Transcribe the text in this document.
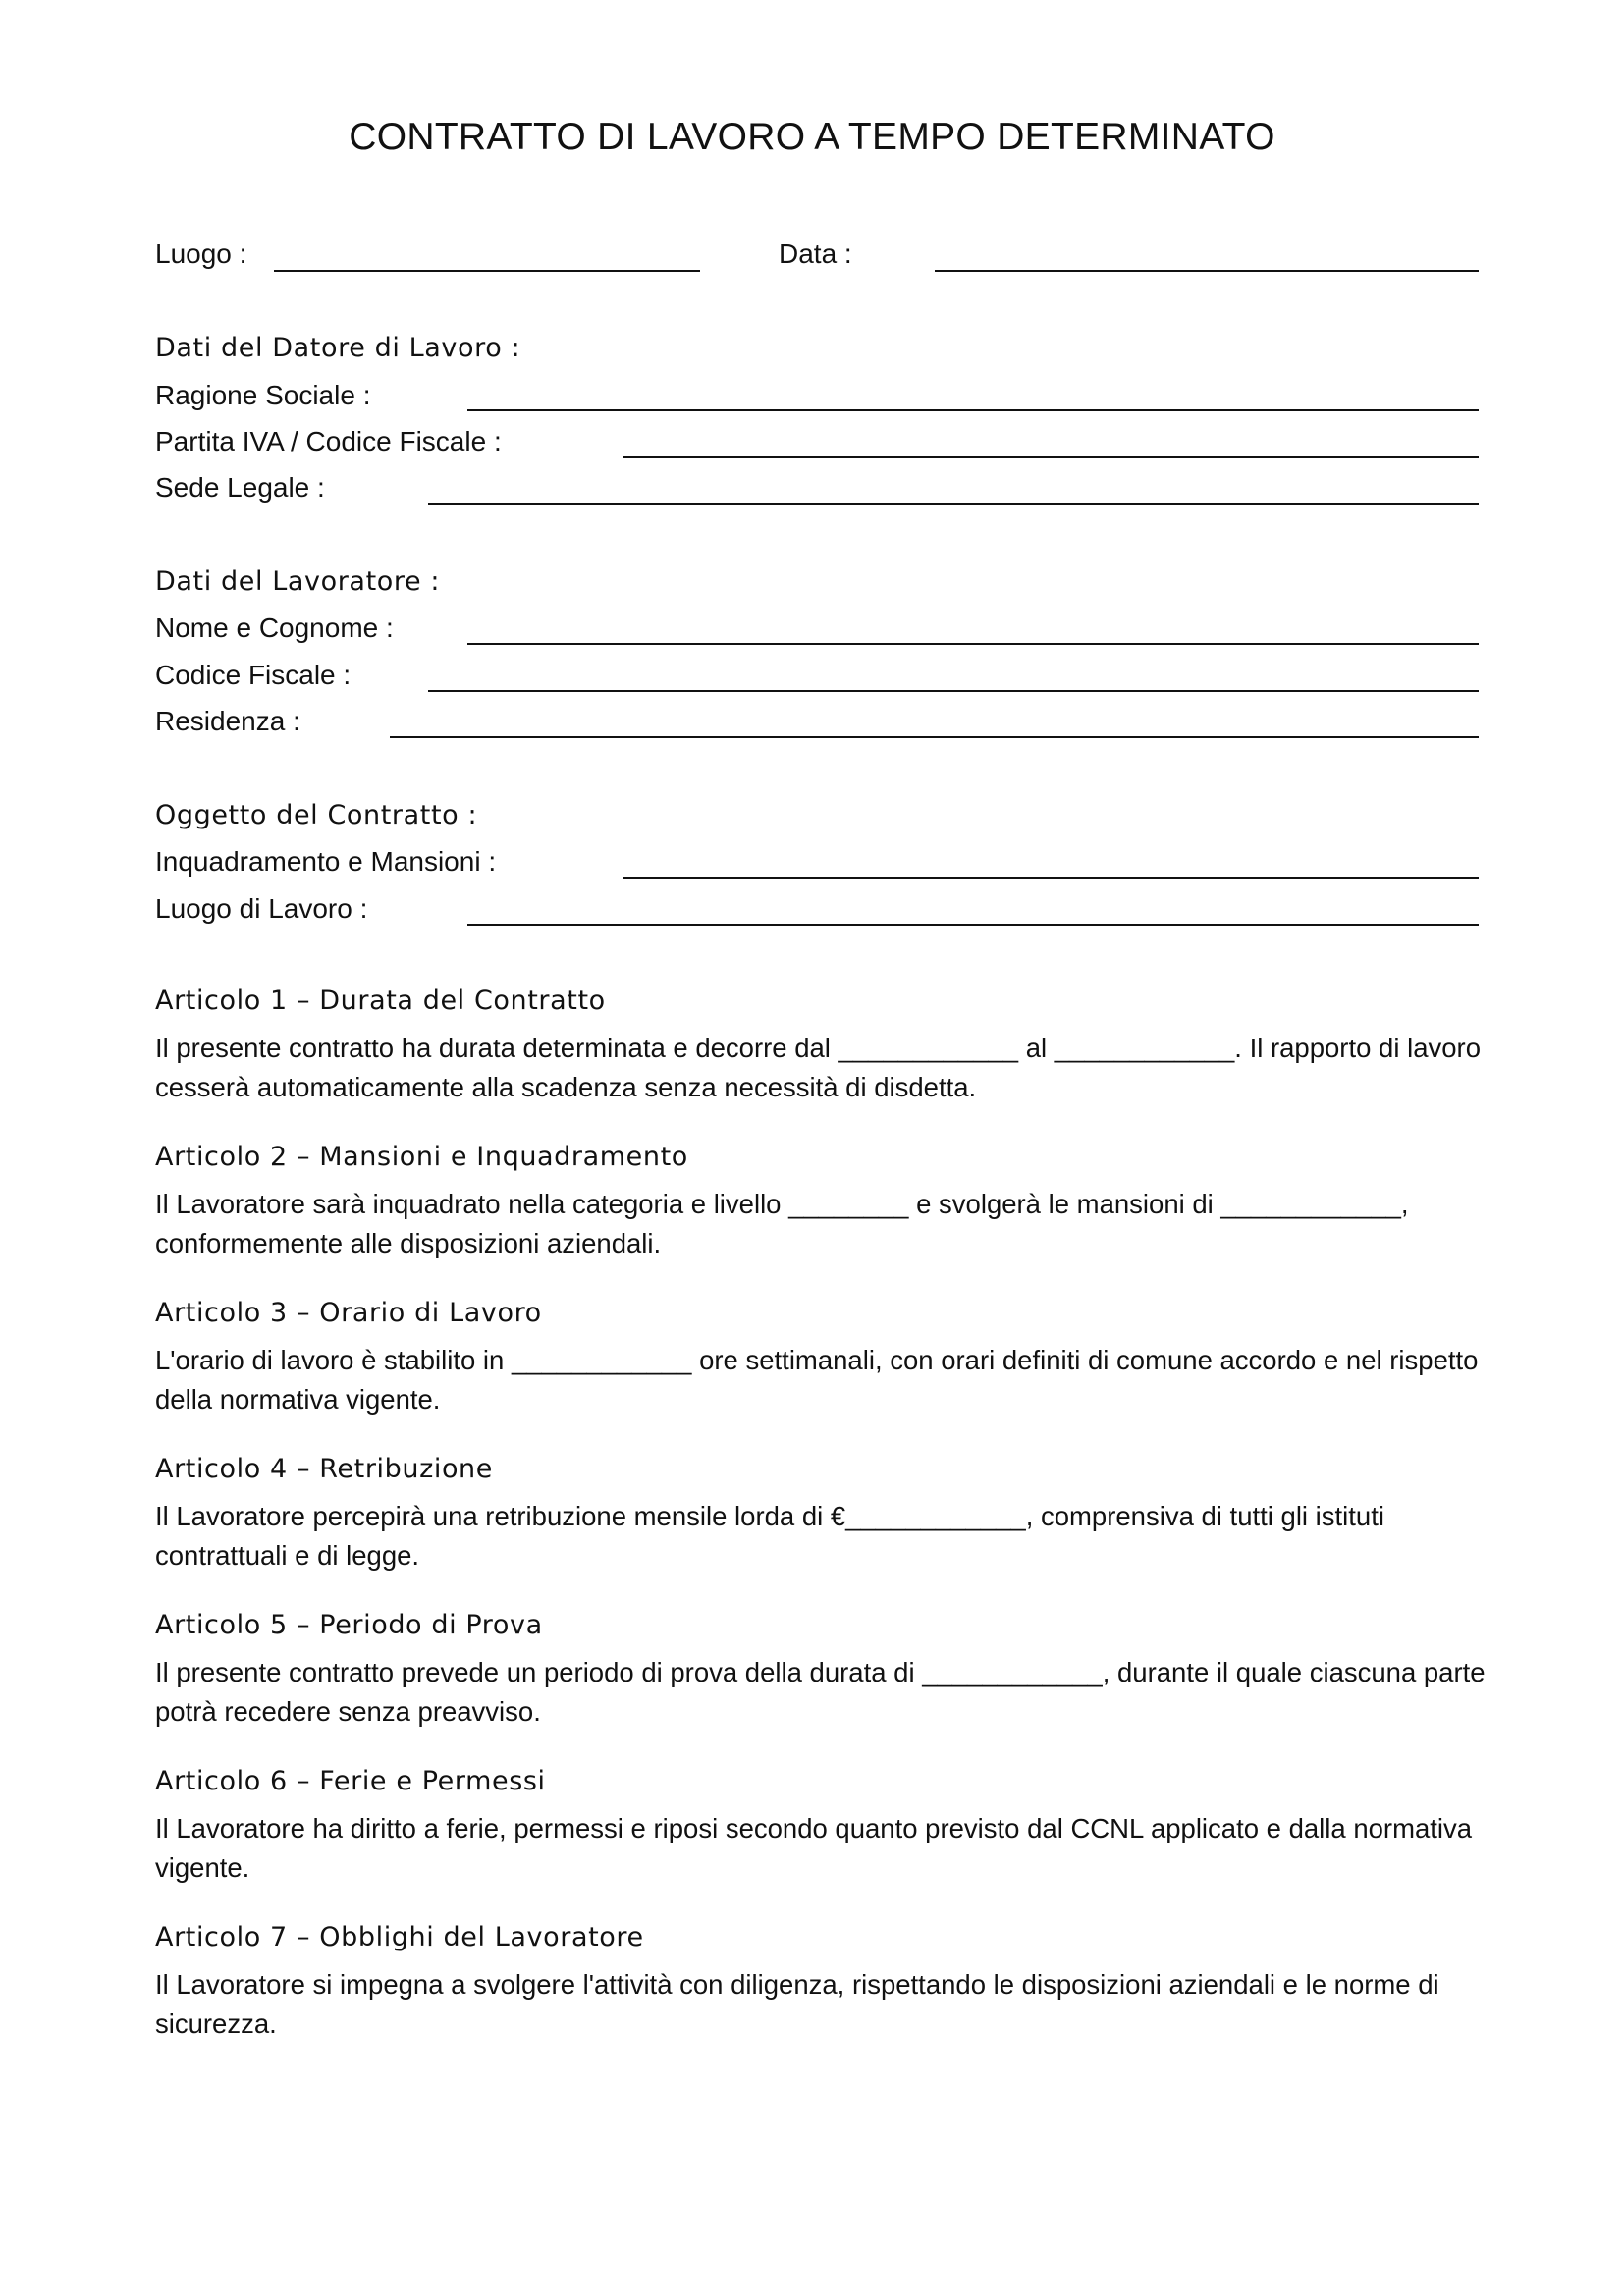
CONTRATTO DI LAVORO A TEMPO DETERMINATO
Luogo :	Data :
Dati del Datore di Lavoro :
Ragione Sociale :
Partita IVA / Codice Fiscale :
Sede Legale :
Dati del Lavoratore :
Nome e Cognome :
Codice Fiscale :
Residenza :
Oggetto del Contratto :
Inquadramento e Mansioni :
Luogo di Lavoro :
Articolo 1 – Durata del Contratto

Il presente contratto ha durata determinata e decorre dal ____________ al ____________. Il rapporto di lavoro cesserà automaticamente alla scadenza senza necessità di disdetta.

Articolo 2 – Mansioni e Inquadramento

Il Lavoratore sarà inquadrato nella categoria e livello ________ e svolgerà le mansioni di ____________, conformemente alle disposizioni aziendali.

Articolo 3 – Orario di Lavoro

L'orario di lavoro è stabilito in ____________ ore settimanali, con orari definiti di comune accordo e nel rispetto della normativa vigente.

Articolo 4 – Retribuzione

Il Lavoratore percepirà una retribuzione mensile lorda di €____________, comprensiva di tutti gli istituti contrattuali e di legge.

Articolo 5 – Periodo di Prova

Il presente contratto prevede un periodo di prova della durata di ____________, durante il quale ciascuna parte potrà recedere senza preavviso.

Articolo 6 – Ferie e Permessi

Il Lavoratore ha diritto a ferie, permessi e riposi secondo quanto previsto dal CCNL applicato e dalla normativa vigente.

Articolo 7 – Obblighi del Lavoratore

Il Lavoratore si impegna a svolgere l'attività con diligenza, rispettando le disposizioni aziendali e le norme di sicurezza.
